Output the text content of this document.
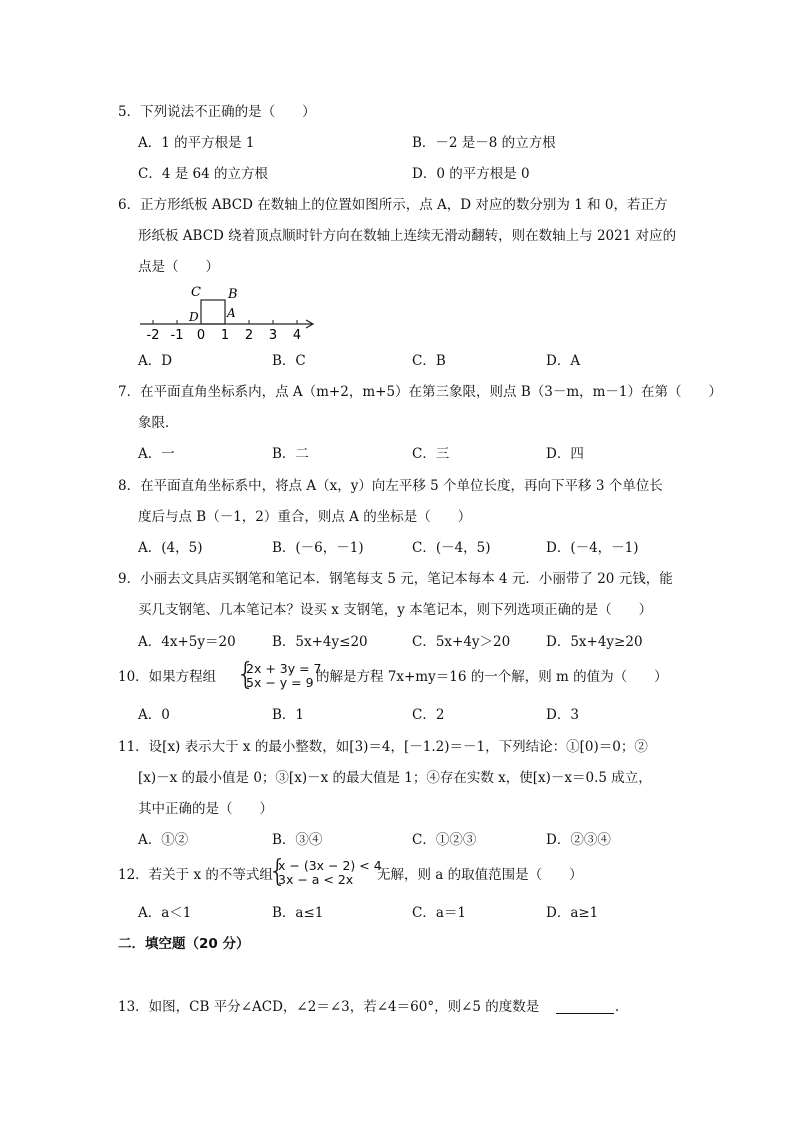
5．下列说法不正确的是（　　）
A．1 的平方根是 1	B．－2 是－8 的立方根
C．4 是 64 的立方根	D．0 的平方根是 0
6．正方形纸板 ABCD 在数轴上的位置如图所示，点 A，D 对应的数分别为 1 和 0，若正方
形纸板 ABCD 绕着顶点顺时针方向在数轴上连续无滑动翻转，则在数轴上与 2021 对应的
点是（　　）
-2 -1 0 1 2 3 4
C B
D A
A．D	B．C	C．B	D．A
7．在平面直角坐标系内，点 A（m+2，m+5）在第三象限，则点 B（3－m，m－1）在第（　　）
象限．
A．一	B．二	C．三	D．四
8．在平面直角坐标系中，将点 A（x，y）向左平移 5 个单位长度，再向下平移 3 个单位长
度后与点 B（－1，2）重合，则点 A 的坐标是（　　）
A．(4，5)	B．(－6，－1)	C．(－4，5)	D．(－4，－1)
9．小丽去文具店买钢笔和笔记本．钢笔每支 5 元，笔记本每本 4 元．小丽带了 20 元钱，能
买几支钢笔、几本笔记本？设买 x 支钢笔，y 本笔记本，则下列选项正确的是（　　）
A．4x+5y＝20	B．5x+4y≤20	C．5x+4y＞20	D．5x+4y≥20
10．如果方程组 {
2x + 3y = 7
5x − y = 9 的解是方程 7x+my＝16 的一个解，则 m 的值为（　　）
A．0	B．1	C．2	D．3
11．设[x) 表示大于 x 的最小整数，如[3)＝4，[－1.2)＝－1，下列结论：①[0)＝0；②
[x)－x 的最小值是 0；③[x)－x 的最大值是 1；④存在实数 x，使[x)－x＝0.5 成立，
其中正确的是（　　）
A．①②	B．③④	C．①②③	D．②③④
12．若关于 x 的不等式组
{
x − (3x − 2) < 4
3x − a < 2x 无解，则 a 的取值范围是（　　）
A．a＜1	B．a≤1	C．a＝1	D．a≥1
二．填空题（20 分）
13．如图，CB 平分∠ACD，∠2＝∠3，若∠4＝60°，则∠5 的度数是	．
